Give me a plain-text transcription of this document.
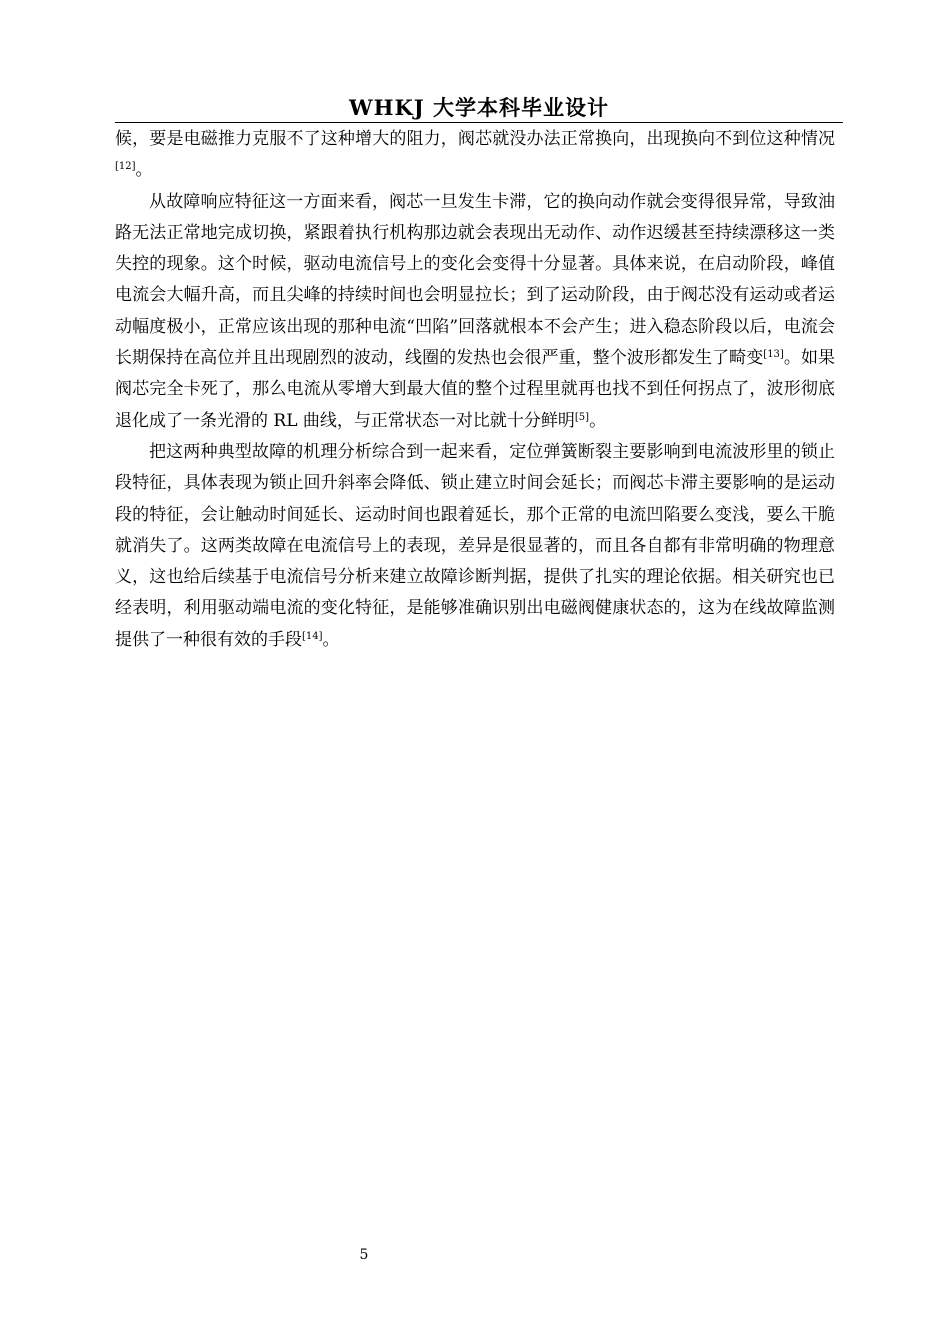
WHKJ 大学本科毕业设计

候，要是电磁推力克服不了这种增大的阻力，阀芯就没办法正常换向，出现换向不到位这种情况[12]。

从故障响应特征这一方面来看，阀芯一旦发生卡滞，它的换向动作就会变得很异常，导致油路无法正常地完成切换，紧跟着执行机构那边就会表现出无动作、动作迟缓甚至持续漂移这一类失控的现象。这个时候，驱动电流信号上的变化会变得十分显著。具体来说，在启动阶段，峰值电流会大幅升高，而且尖峰的持续时间也会明显拉长；到了运动阶段，由于阀芯没有运动或者运动幅度极小，正常应该出现的那种电流“凹陷”回落就根本不会产生；进入稳态阶段以后，电流会长期保持在高位并且出现剧烈的波动，线圈的发热也会很严重，整个波形都发生了畸变[13]。如果阀芯完全卡死了，那么电流从零增大到最大值的整个过程里就再也找不到任何拐点了，波形彻底退化成了一条光滑的 RL 曲线，与正常状态一对比就十分鲜明[5]。

把这两种典型故障的机理分析综合到一起来看，定位弹簧断裂主要影响到电流波形里的锁止段特征，具体表现为锁止回升斜率会降低、锁止建立时间会延长；而阀芯卡滞主要影响的是运动段的特征，会让触动时间延长、运动时间也跟着延长，那个正常的电流凹陷要么变浅，要么干脆就消失了。这两类故障在电流信号上的表现，差异是很显著的，而且各自都有非常明确的物理意义，这也给后续基于电流信号分析来建立故障诊断判据，提供了扎实的理论依据。相关研究也已经表明，利用驱动端电流的变化特征，是能够准确识别出电磁阀健康状态的，这为在线故障监测提供了一种很有效的手段[14]。

5
